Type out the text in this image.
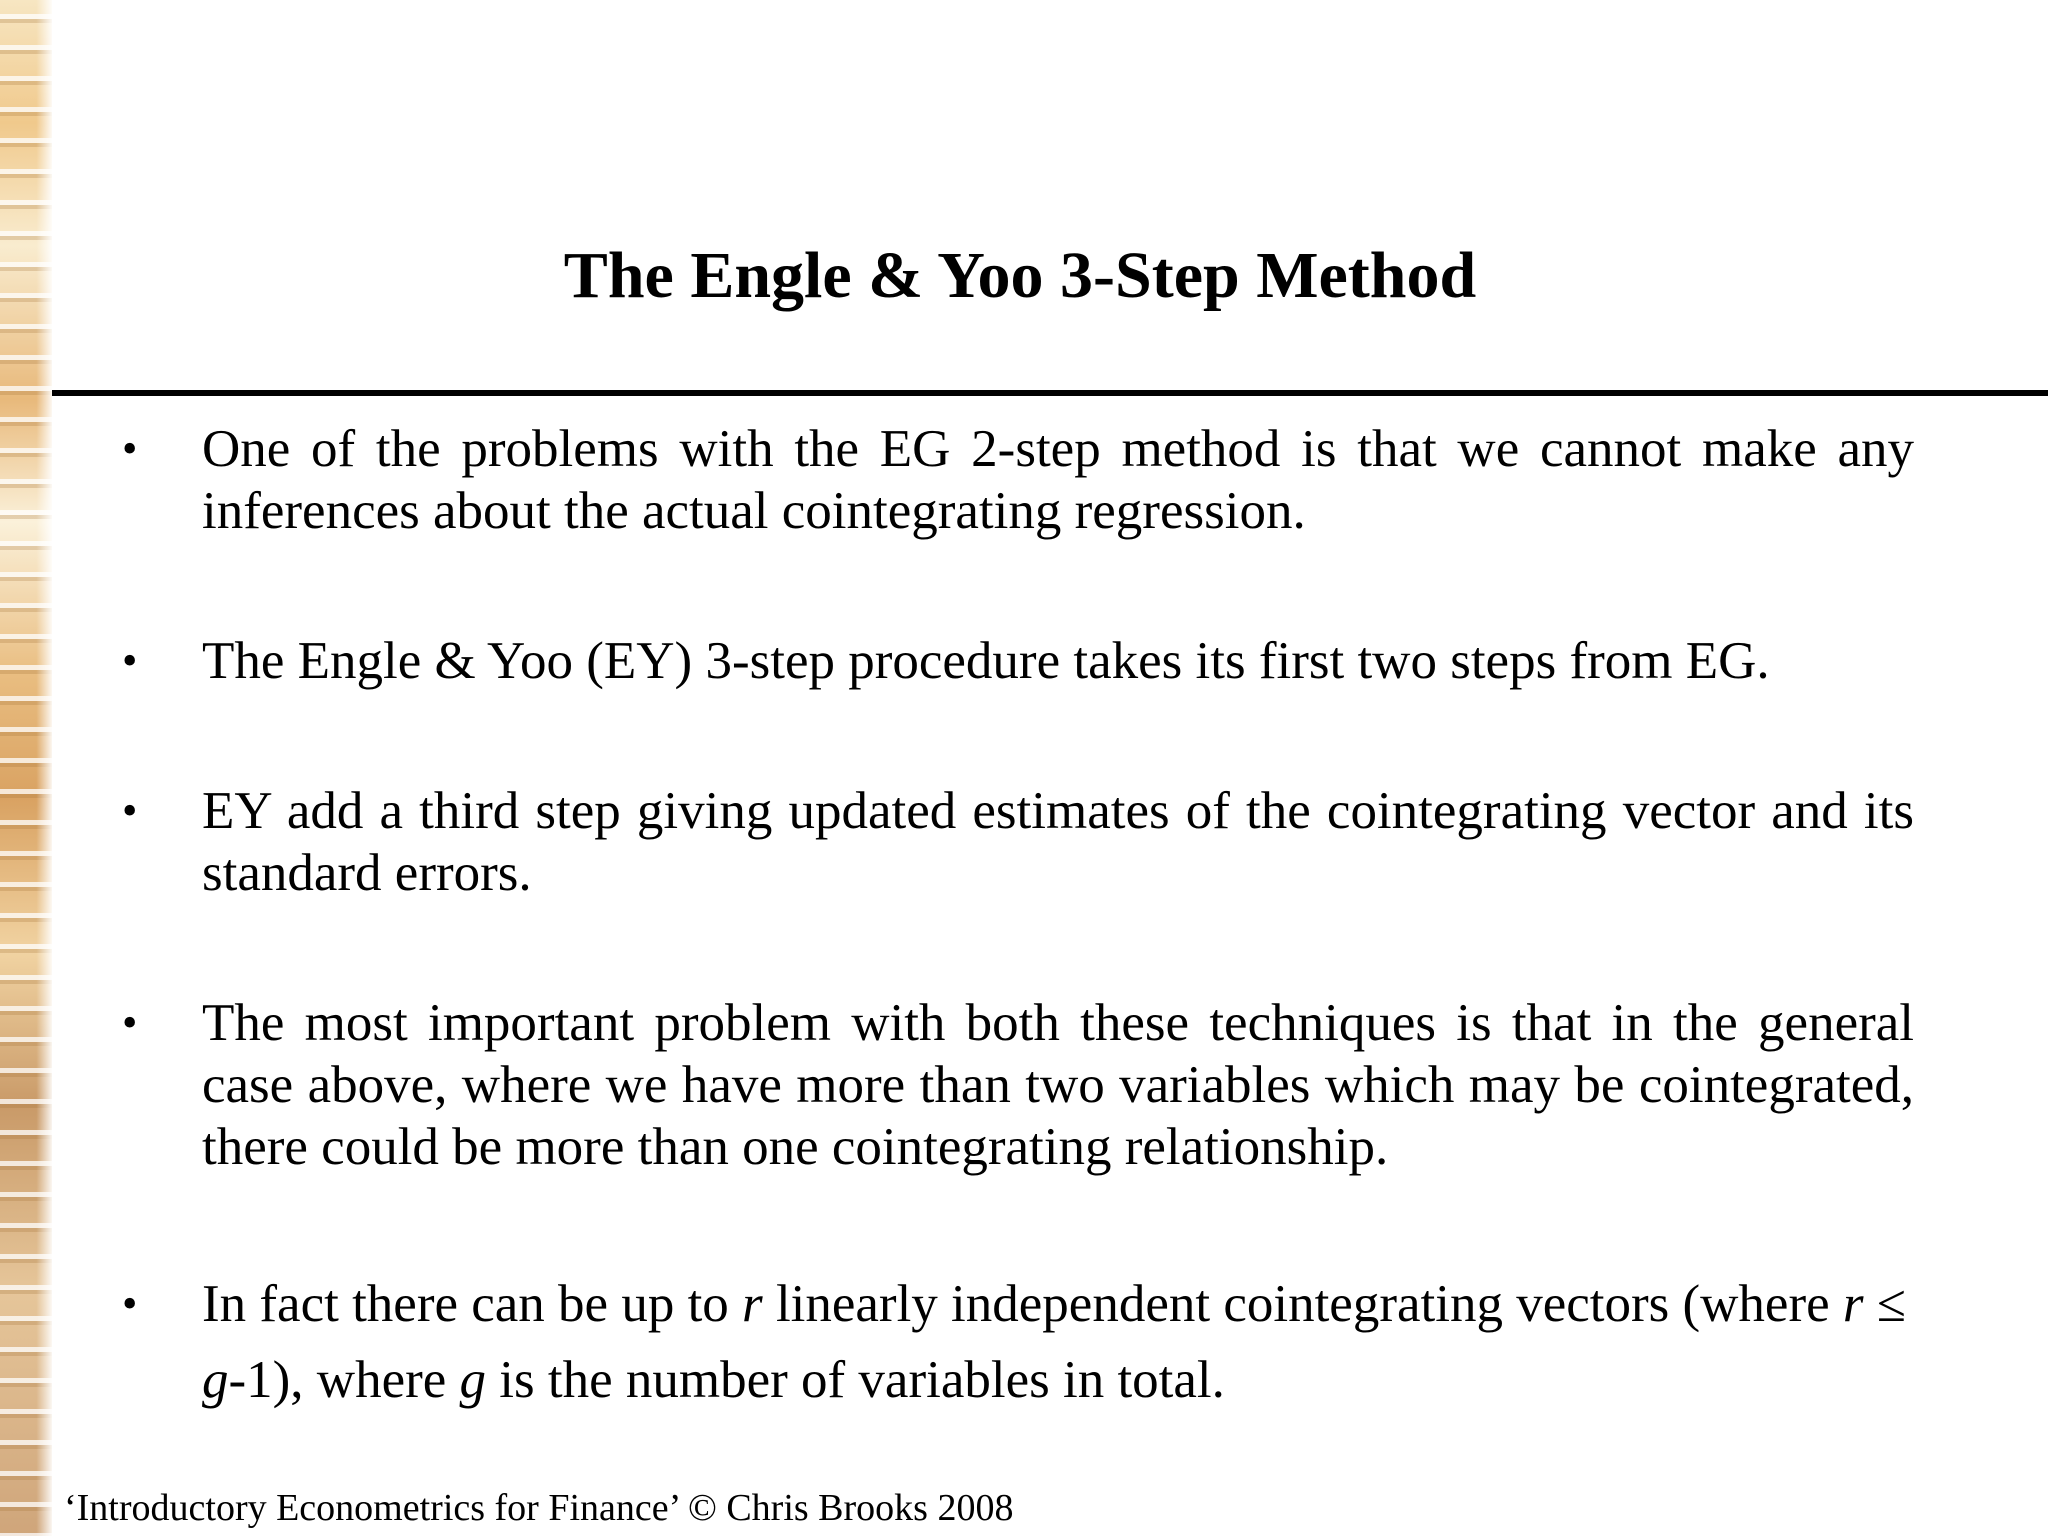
The Engle & Yoo 3-Step Method
• One of the problems with the EG 2-step method is that we cannot make any inferences about the actual cointegrating regression.
• The Engle & Yoo (EY) 3-step procedure takes its first two steps from EG.
• EY add a third step giving updated estimates of the cointegrating vector and its standard errors.
• The most important problem with both these techniques is that in the general case above, where we have more than two variables which may be cointegrated, there could be more than one cointegrating relationship.
• In fact there can be up to r linearly independent cointegrating vectors (where r ≤ g-1), where g is the number of variables in total.
‘Introductory Econometrics for Finance’ © Chris Brooks 2008
